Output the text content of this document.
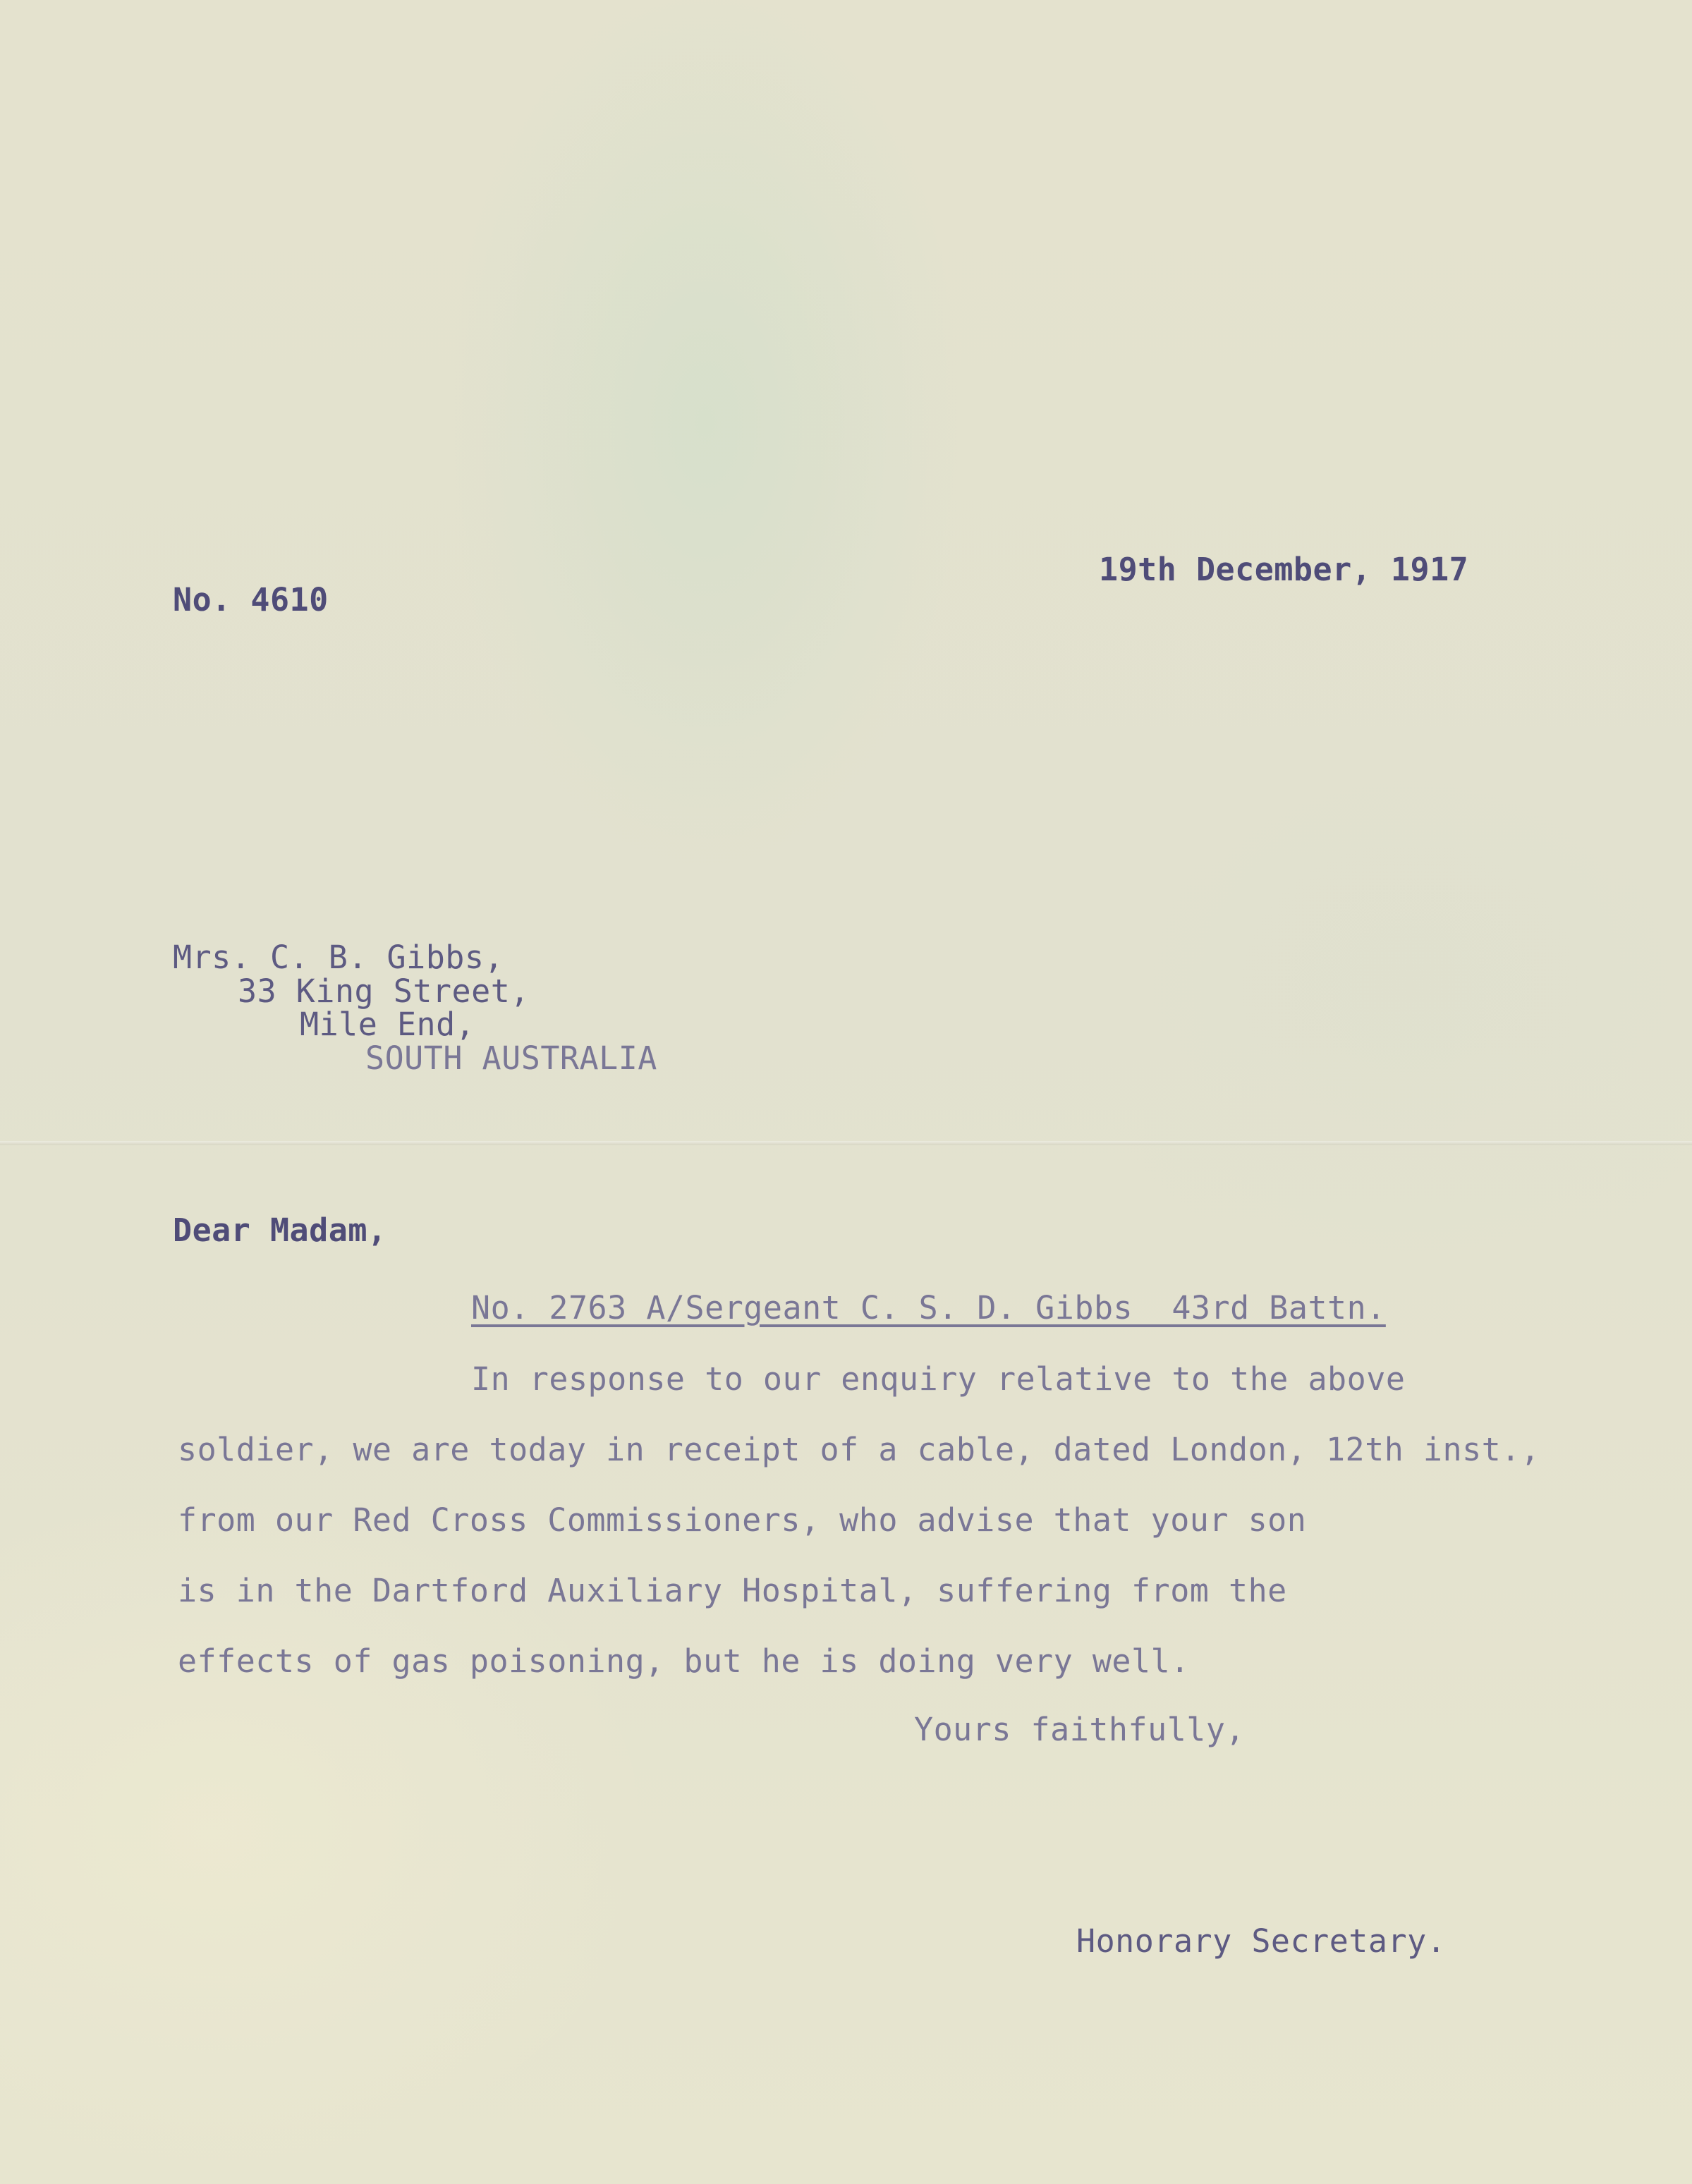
No. 4610
19th December, 1917
Mrs. C. B. Gibbs,
33 King Street,
Mile End,
SOUTH AUSTRALIA
Dear Madam,
No. 2763 A/Sergeant C. S. D. Gibbs  43rd Battn.
In response to our enquiry relative to the above
soldier, we are today in receipt of a cable, dated London, 12th inst.,
from our Red Cross Commissioners, who advise that your son
is in the Dartford Auxiliary Hospital, suffering from the
effects of gas poisoning, but he is doing very well.
Yours faithfully,
Honorary Secretary.
